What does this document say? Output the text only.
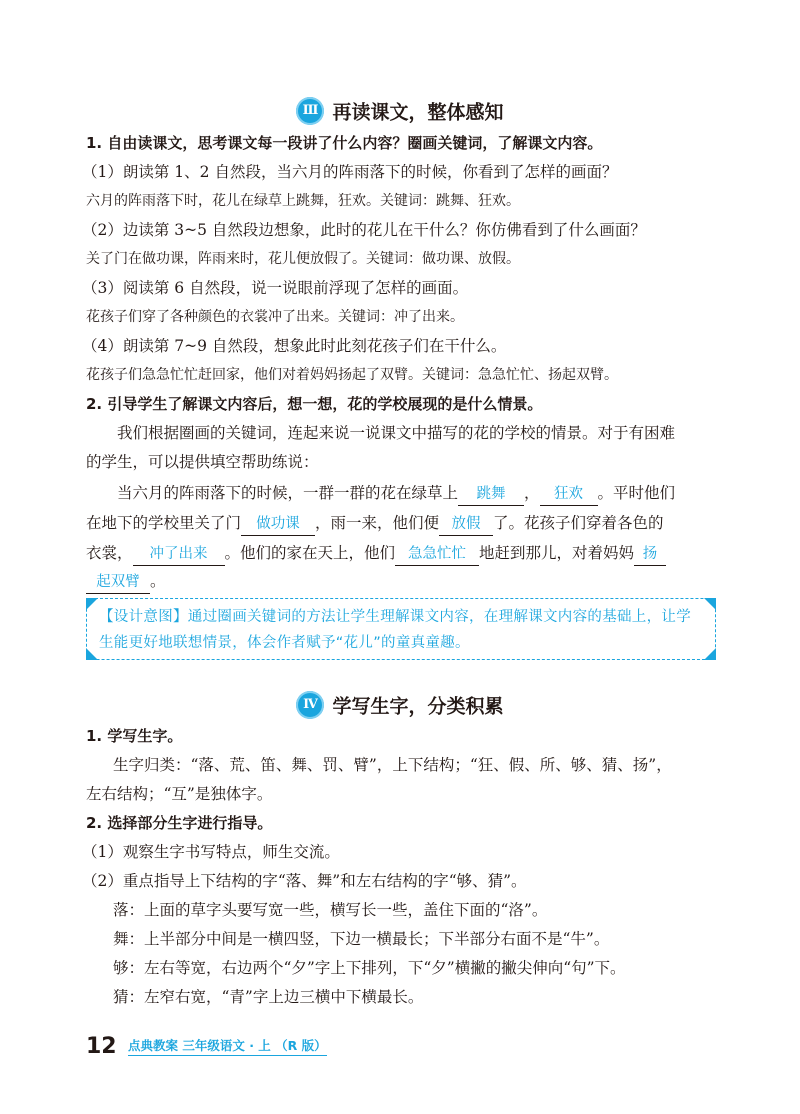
Ⅲ 再读课文，整体感知
1. 自由读课文，思考课文每一段讲了什么内容？圈画关键词，了解课文内容。
（1）朗读第 1、2 自然段，当六月的阵雨落下的时候，你看到了怎样的画面？
六月的阵雨落下时，花儿在绿草上跳舞，狂欢。关键词：跳舞、狂欢。
（2）边读第 3~5 自然段边想象，此时的花儿在干什么？你仿佛看到了什么画面？
关了门在做功课，阵雨来时，花儿便放假了。关键词：做功课、放假。
（3）阅读第 6 自然段，说一说眼前浮现了怎样的画面。
花孩子们穿了各种颜色的衣裳冲了出来。关键词：冲了出来。
（4）朗读第 7~9 自然段，想象此时此刻花孩子们在干什么。
花孩子们急急忙忙赶回家，他们对着妈妈扬起了双臂。关键词：急急忙忙、扬起双臂。
2. 引导学生了解课文内容后，想一想，花的学校展现的是什么情景。
我们根据圈画的关键词，连起来说一说课文中描写的花的学校的情景。对于有困难
的学生，可以提供填空帮助练说：
当六月的阵雨落下的时候，一群一群的花在绿草上 跳舞 ， 狂欢 。平时他们
在地下的学校里关了门 做功课 ，雨一来，他们便 放假 了。花孩子们穿着各色的
衣裳， 冲了出来 。他们的家在天上，他们 急急忙忙 地赶到那儿，对着妈妈 扬
起双臂 。
【设计意图】通过圈画关键词的方法让学生理解课文内容，在理解课文内容的基础上，让学生能更好地联想情景，体会作者赋予“花儿”的童真童趣。
Ⅳ 学写生字，分类积累
1. 学写生字。
生字归类：“落、荒、笛、舞、罚、臂”，上下结构；“狂、假、所、够、猜、扬”，
左右结构；“互”是独体字。
2. 选择部分生字进行指导。
（1）观察生字书写特点，师生交流。
（2）重点指导上下结构的字“落、舞”和左右结构的字“够、猜”。
落：上面的草字头要写宽一些，横写长一些，盖住下面的“洛”。
舞：上半部分中间是一横四竖，下边一横最长；下半部分右面不是“牛”。
够：左右等宽，右边两个“夕”字上下排列，下“夕”横撇的撇尖伸向“句”下。
猜：左窄右宽，“青”字上边三横中下横最长。
12 点典教案 三年级语文 · 上 （R 版）
